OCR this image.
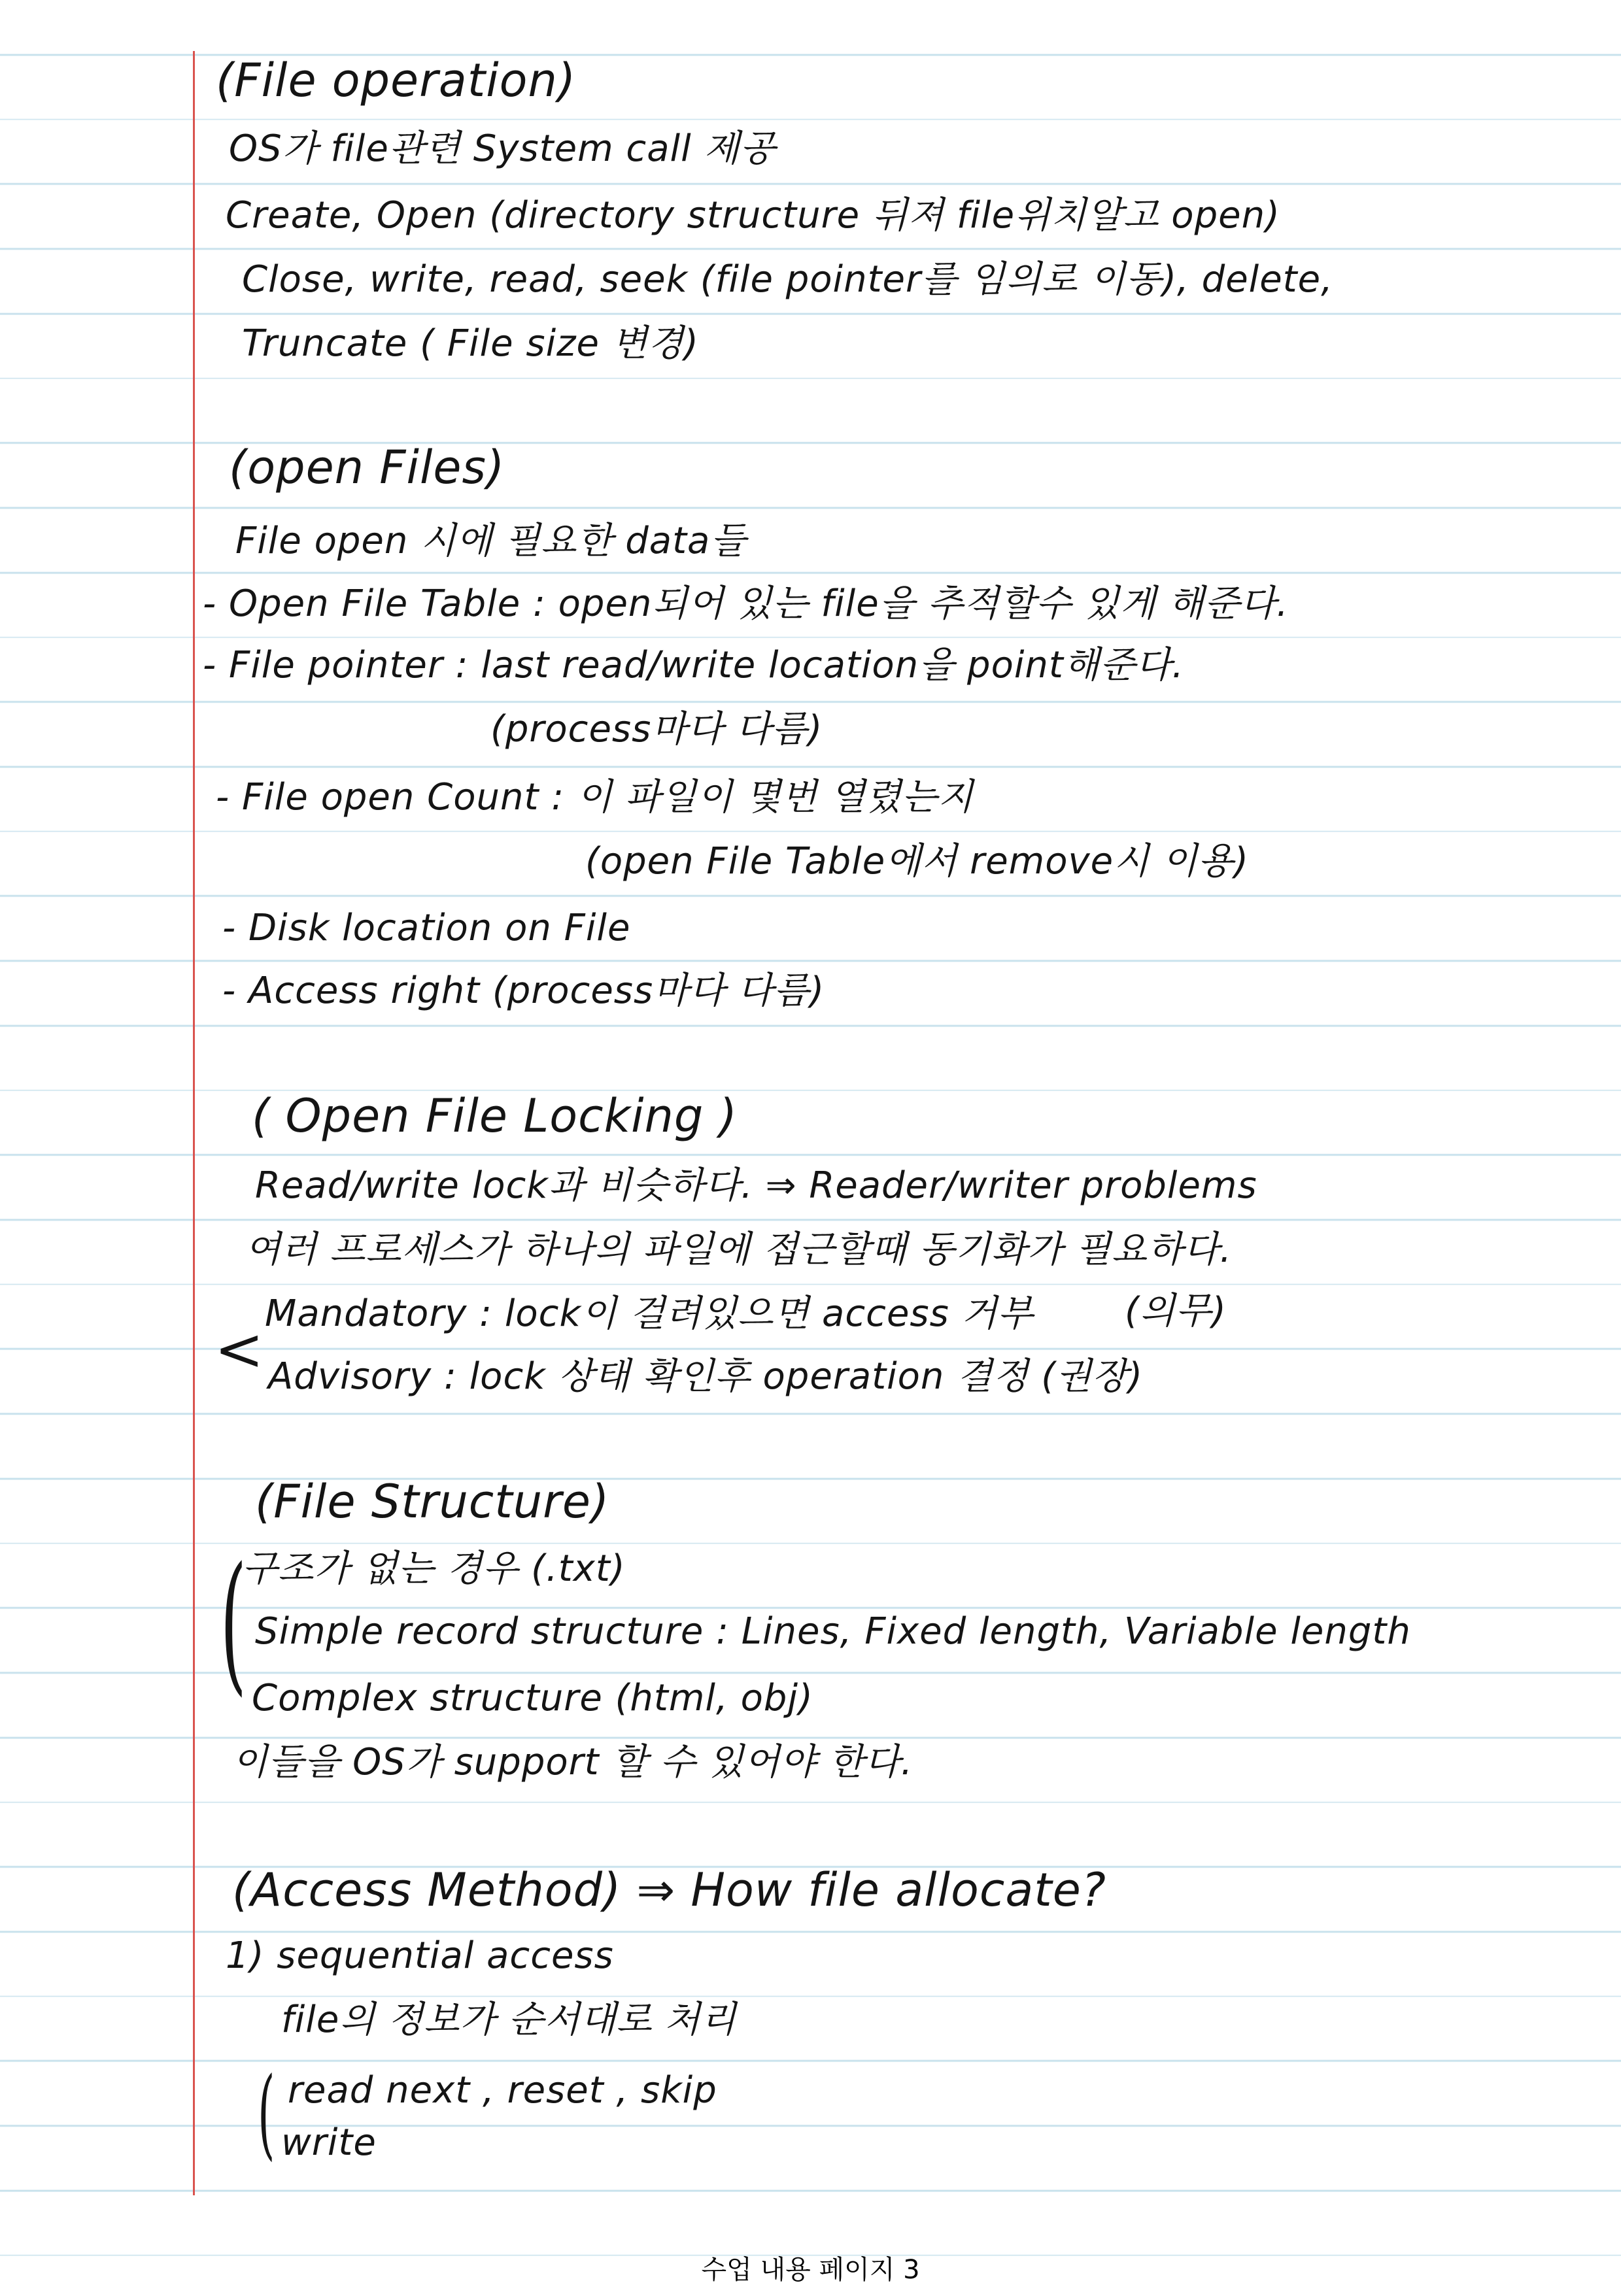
(File operation)
OS가 file관련 System call 제공
Create, Open (directory structure 뒤져 file위치알고 open)
Close, write, read, seek (file pointer를 임의로 이동), delete,
Truncate ( File size 변경)
(open Files)
File open 시에 필요한 data들
- Open File Table : open되어 있는 file을 추적할수 있게 해준다.
- File pointer : last read/write location을 point해준다.
(process마다 다름)
- File open Count : 이 파일이 몇번 열렸는지
(open File Table에서 remove시 이용)
- Disk location on File
- Access right (process마다 다름)
( Open File Locking )
Read/write lock과 비슷하다. ⇒ Reader/writer problems
여러 프로세스가 하나의 파일에 접근할때 동기화가 필요하다.
<
Mandatory : lock이 걸려있으면 access 거부 (의무)
Advisory : lock 상태 확인후 operation 결정 (권장)
(File Structure)
(
구조가 없는 경우 (.txt)
Simple record structure : Lines, Fixed length, Variable length
Complex structure (html, obj)
이들을 OS가 support 할 수 있어야 한다.
(Access Method) ⇒ How file allocate?
1) sequential access
file의 정보가 순서대로 처리
( read next , reset , skip
write
수업 내용 페이지 3
